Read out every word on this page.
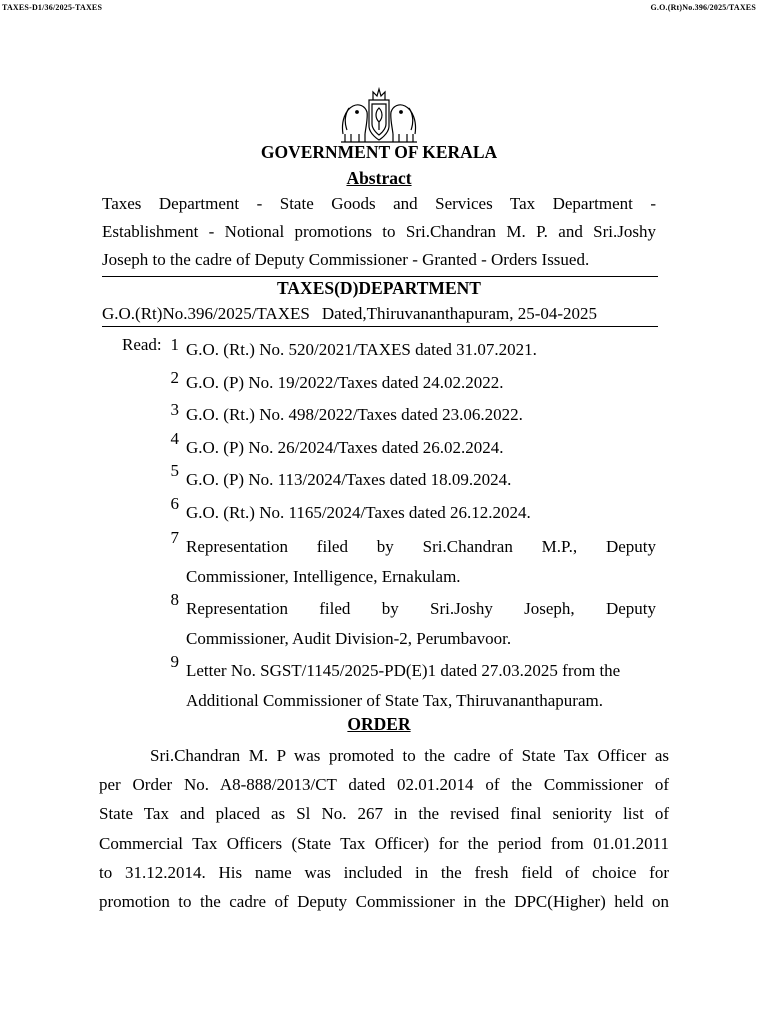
TAXES-D1/36/2025-TAXES	G.O.(Rt)No.396/2025/TAXES
GOVERNMENT OF KERALA
Abstract
Taxes Department - State Goods and Services Tax Department -
Establishment - Notional promotions to Sri.Chandran M. P. and Sri.Joshy
Joseph to the cadre of Deputy Commissioner - Granted - Orders Issued.
TAXES(D)DEPARTMENT
G.O.(Rt)No.396/2025/TAXES Dated,Thiruvananthapuram, 25-04-2025
Read: 1 G.O. (Rt.) No. 520/2021/TAXES dated 31.07.2021.
2 G.O. (P) No. 19/2022/Taxes dated 24.02.2022.
3 G.O. (Rt.) No. 498/2022/Taxes dated 23.06.2022.
4 G.O. (P) No. 26/2024/Taxes dated 26.02.2024.
5 G.O. (P) No. 113/2024/Taxes dated 18.09.2024.
6 G.O. (Rt.) No. 1165/2024/Taxes dated 26.12.2024.
7 Representation filed by Sri.Chandran M.P., Deputy
Commissioner, Intelligence, Ernakulam.
8 Representation filed by Sri.Joshy Joseph, Deputy
Commissioner, Audit Division-2, Perumbavoor.
9 Letter No. SGST/1145/2025-PD(E)1 dated 27.03.2025 from the
Additional Commissioner of State Tax, Thiruvananthapuram.
ORDER
Sri.Chandran M. P was promoted to the cadre of State Tax Officer as
per Order No. A8-888/2013/CT dated 02.01.2014 of the Commissioner of
State Tax and placed as Sl No. 267 in the revised final seniority list of
Commercial Tax Officers (State Tax Officer) for the period from 01.01.2011
to 31.12.2014. His name was included in the fresh field of choice for
promotion to the cadre of Deputy Commissioner in the DPC(Higher) held on
